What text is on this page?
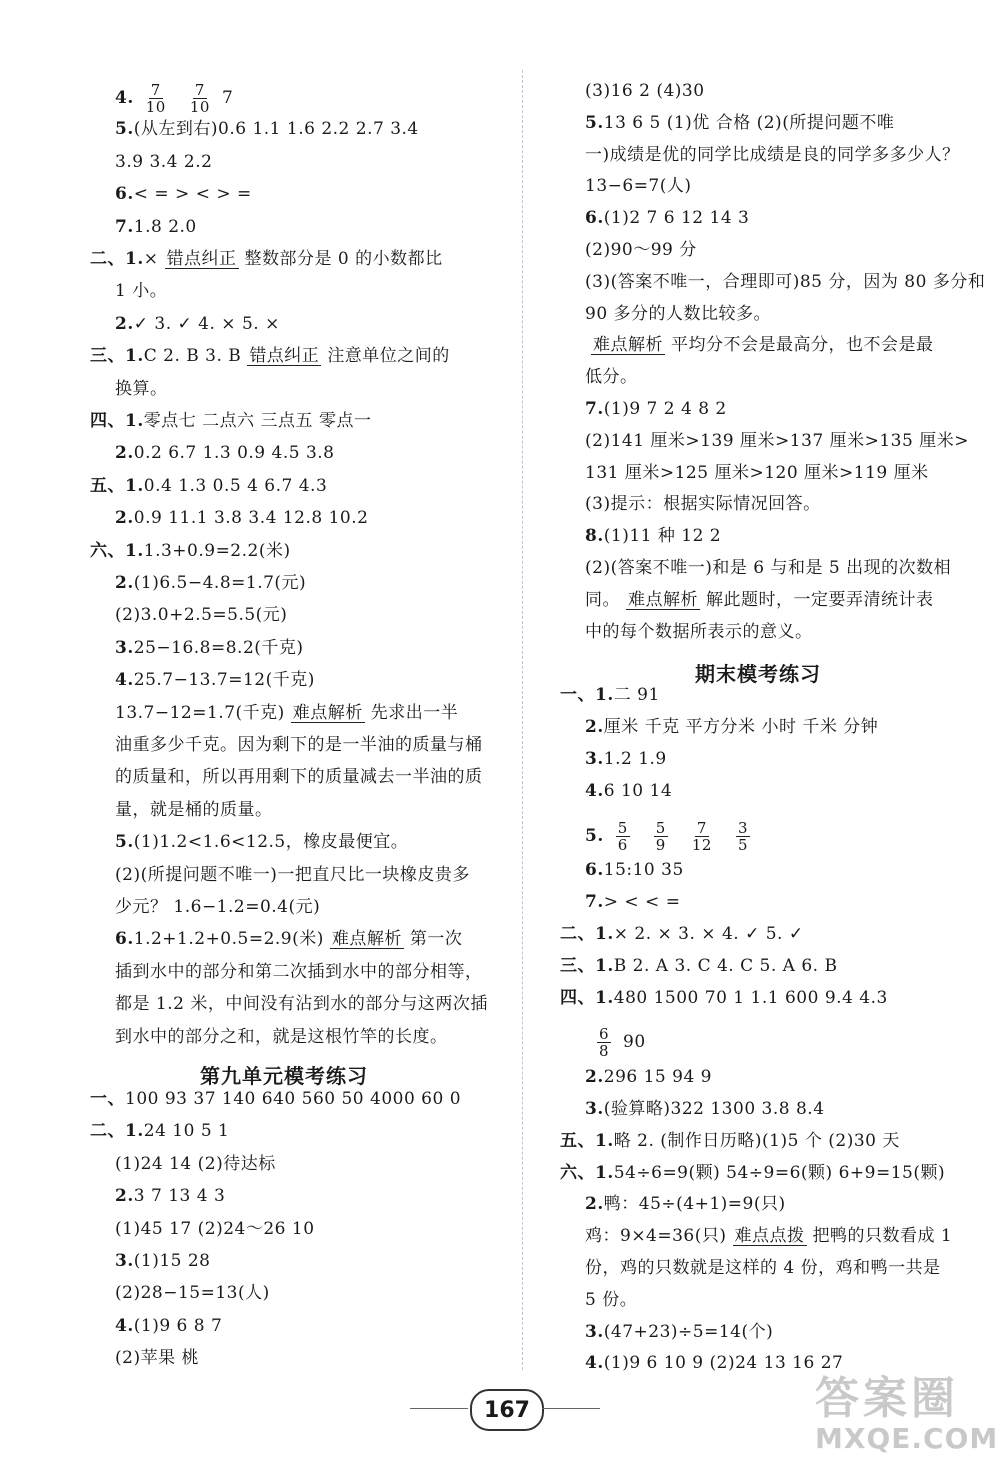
4. $\frac{7}{10} \frac{7}{10} 7$
5.(从左到右)0.6 1.1 1.6 2.2 2.7 3.4
3.9 3.4 2.2
6.< = > < > =
7.1.8 2.0
二、1.× 错点纠正 整数部分是 0 的小数都比
1 小。
2.✓ 3. ✓ 4. × 5. ×
三、1.C 2. B 3. B 错点纠正 注意单位之间的
换算。
四、1.零点七 二点六 三点五 零点一
2.0.2 6.7 1.3 0.9 4.5 3.8
五、1.0.4 1.3 0.5 4 6.7 4.3
2.0.9 11.1 3.8 3.4 12.8 10.2
六、1.1.3+0.9=2.2(米)
2.(1)6.5−4.8=1.7(元)
(2)3.0+2.5=5.5(元)
3.25−16.8=8.2(千克)
4.25.7−13.7=12(千克)
13.7−12=1.7(千克) 难点解析 先求出一半
油重多少千克。因为剩下的是一半油的质量与桶
的质量和，所以再用剩下的质量减去一半油的质
量，就是桶的质量。
5.(1)1.2<1.6<12.5，橡皮最便宜。
(2)(所提问题不唯一)一把直尺比一块橡皮贵多
少元？ 1.6−1.2=0.4(元)
6.1.2+1.2+0.5=2.9(米) 难点解析 第一次
插到水中的部分和第二次插到水中的部分相等，
都是 1.2 米，中间没有沾到水的部分与这两次插
到水中的部分之和，就是这根竹竿的长度。
第九单元模考练习
一、100 93 37 140 640 560 50 4000 60 0
二、1.24 10 5 1
(1)24 14 (2)待达标
2.3 7 13 4 3
(1)45 17 (2)24～26 10
3.(1)15 28
(2)28−15=13(人)
4.(1)9 6 8 7
(2)苹果 桃
(3)16 2 (4)30
5.13 6 5 (1)优 合格 (2)(所提问题不唯
一)成绩是优的同学比成绩是良的同学多多少人？
13−6=7(人)
6.(1)2 7 6 12 14 3
(2)90～99 分
(3)(答案不唯一，合理即可)85 分，因为 80 多分和
90 多分的人数比较多。
难点解析 平均分不会是最高分，也不会是最
低分。
7.(1)9 7 2 4 8 2
(2)141 厘米>139 厘米>137 厘米>135 厘米>
131 厘米>125 厘米>120 厘米>119 厘米
(3)提示：根据实际情况回答。
8.(1)11 种 12 2
(2)(答案不唯一)和是 6 与和是 5 出现的次数相
同。 难点解析 解此题时，一定要弄清统计表
中的每个数据所表示的意义。
期末模考练习
一、1.二 91
2.厘米 千克 平方分米 小时 千米 分钟
3.1.2 1.9
4.6 10 14
5. $\frac{5}{6} \frac{5}{9} \frac{7}{12} \frac{3}{5}$
6.15:10 35
7.> < < =
二、1.× 2. × 3. × 4. ✓ 5. ✓
三、1.B 2. A 3. C 4. C 5. A 6. B
四、1.480 1500 70 1 1.1 600 9.4 4.3
$\frac{6}{8} 90$
2.296 15 94 9
3.(验算略)322 1300 3.8 8.4
五、1.略 2. (制作日历略)(1)5 个 (2)30 天
六、1.54÷6=9(颗) 54÷9=6(颗) 6+9=15(颗)
2.鸭：45÷(4+1)=9(只)
鸡：9×4=36(只) 难点点拨 把鸭的只数看成 1
份，鸡的只数就是这样的 4 份，鸡和鸭一共是
5 份。
3.(47+23)÷5=14(个)
4.(1)9 6 10 9 (2)24 13 16 27
167	答案圈
MXQE.COM
